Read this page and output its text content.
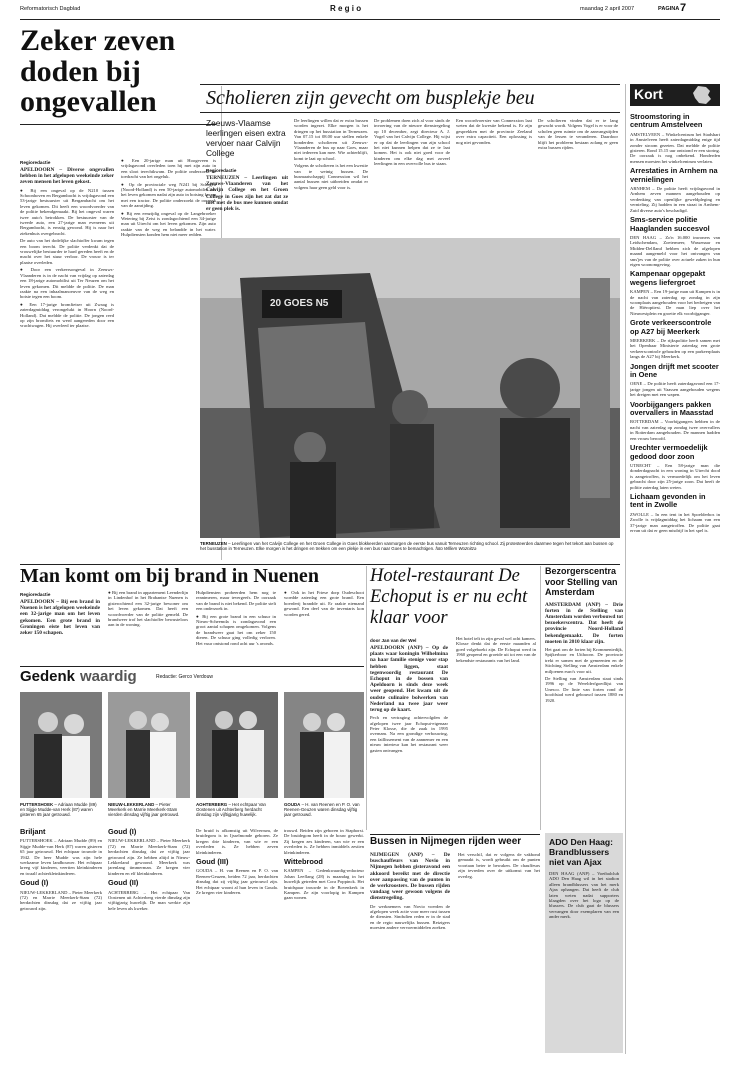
Reformatorisch Dagblad	R e g i o	maandag 2 april 2007	PAGINA 7
Zeker zeven doden bij ongevallen
Regioredactie

APELDOORN – Diverse ongevallen hebben in het afgelopen weekeinde zeker zeven mensen het leven gekost.

● Bij een ongeval op de N210 tussen Schoonhoven en Bergambacht is vrijdagavond een 53-jarige bestuurster uit Bergambacht om het leven gekomen. Dit heeft een woordvoerder van de politie bekendgemaakt. Bij het ongeval waren twee auto's betrokken. De bestuurster van de tweede auto, een 27-jarige man eveneens uit Bergambacht, is ernstig gewond. Hij is naar het ziekenhuis overgebracht.

De auto van het dodelijke slachtoffer kwam tegen een boom terecht. De politie verdenkt dat de vrouwelijke bestuurder te hard gereden heeft en de macht over het stuur verloor. De vrouw is ter plaatse overleden.

● Door een verkeersongeval in Zeeuws-Vlaanderen is in de nacht van vrijdag op zaterdag een 18-jarige automobilist uit Ter Neuzen om het leven gekomen. Dit meldde de politie. De man raakte na een inhaalmanoeuvre van de weg en botste tegen een boom.

● Een 17-jarige bromfietser uit Zwaag is zaterdagmiddag verongelukt in Hoorn (Noord-Holland). Dat meldde de politie. De jongen reed op zijn bromfiets en werd aangereden door een vrachtwagen. Hij overleed ter plaatse.

● Een 20-jarige man uit Hoogeveen is vrijdagavond overleden toen hij met zijn auto in een sloot terechtkwam. De politie onderzoekt de toedracht van het ongeluk.

● Op de provinciale weg N241 bij Schagen (Noord-Holland) is een 50-jarige automobilist om het leven gekomen nadat zijn auto in botsing kwam met een tractor. De politie onderzoekt de oorzaak van de aanrijding.

● Bij een eenzijdig ongeval op de Langebroeker Wetering bij Zeist is zondagochtend een 34-jarige man uit Utrecht om het leven gekomen. Zijn auto raakte van de weg en belandde in het water. Hulpdiensten konden hem niet meer redden.

Scholieren zijn gevecht om busplekje beu
Zeeuws-Vlaamse leerlingen eisen extra vervoer naar Calvijn College
Regioredactie

TERNEUZEN – Leerlingen uit Zeeuws-Vlaanderen van het Calvijn College en het Groen College in Goes zijn het zat dat ze niet met de bus mee kunnen omdat er geen plek is.

De leerlingen willen dat er extra bussen worden ingezet. Elke morgen is het dringen op het busstation in Terneuzen. Van 07.15 tot 08.00 uur stellen enkele honderden scholieren uit Zeeuws-Vlaanderen de bus op naar Goes, maar niet iedereen kan mee. Wie achterblijft, komt te laat op school.

Volgens de scholieren is het een kwestie van te weinig bussen. De busmaatschappij Connexxion wil het aantal bussen niet uitbreiden omdat er volgens haar geen geld voor is.

De problemen doen zich al voor sinds de invoering van de nieuwe dienstregeling op 10 december, zegt directeur A. J. Vogel van het Calvijn College. Hij wijst er op dat de leerlingen van zijn school het niet kunnen helpen dat ze te laat komen. Het is ook niet goed voor de kinderen om elke dag met zoveel leerlingen in een overvolle bus te staan.

Een woordvoerster van Connexxion laat weten dat de kwestie bekend is. Er zijn gesprekken met de provincie Zeeland over extra capaciteit. Een oplossing is nog niet gevonden.

De scholieren vinden dat er te lang gewacht wordt. Volgens Vogel is er voor de scholen geen ruimte om de aanvangstijden van de lessen te veranderen. Daardoor blijft het probleem bestaan zolang er geen extra bussen rijden.

20 GOES N5
TERNEUZEN – Leerlingen van het Calvijn College en het Groen College in Goes blokkeerden vanmorgen de eerste bus vanuit Terneuzen richting school. Zij protesteerden daarmee tegen het tekort aan bussen op het busstation in Terneuzen. Elke morgen is het dringen en trekken om een plekje in een bus naar Goes te bemachtigen. foto Willem Woznitza
Kort
Stroomstoring in centrum Amstelveen

AMSTELVEEN – Winkelcentrum het Stadshart in Amstelveen heeft zaterdagmiddag enige tijd zonder stroom gezeten. Dat meldde de politie gisteren. Rond 15.15 uur ontstond er een storing. De oorzaak is nog onbekend. Honderden mensen moesten het winkelcentrum verlaten.

Arrestaties in Arnhem na vernielingen

ARNHEM – De politie heeft vrijdagavond in Arnhem zeven mannen aangehouden op verdenking van openlijke geweldpleging en vernieling. Zij hadden in een straat in Arnhem-Zuid diverse auto's beschadigd.

Sms-service politie Haaglanden succesvol

DEN HAAG – Zo'n 16.000 inwoners van Leidschendam, Zoetermeer, Wassenaar en Midden-Delfland hebben zich de afgelopen maand aangemeld voor het ontvangen van sms'jes van de politie over actuele zaken in hun eigen woonomgeving.

Kampenaar opgepakt wegens liefergroet

KAMPEN – Een 19-jarige man uit Kampen is in de nacht van zaterdag op zondag in zijn woonplaats aangehouden voor het bedreigen van de Hiëroptiest. De man liep over het Nieuwestplein en groette elk voorbijganger.

Grote verkeerscontrole op A27 bij Meerkerk

MEERKERK – De rijkspolitie heeft samen met het Openbaar Ministerie zaterdag een grote verkeerscontrole gehouden op een parkeerplaats langs de A27 bij Meerkerk.

Jongen drijft met scooter in Oene

OENE – De politie heeft zaterdagavond een 17-jarige jongen uit Vaassen aangehouden wegens het dreigen met een wapen.

Voorbijgangers pakken overvallers in Maasstad

ROTTERDAM – Voorbijgangers hebben in de nacht van zaterdag op zondag twee overvallers in Rotterdam aangehouden. De mannen hadden een vrouw beroofd.

Urechter vermoedelijk gedood door zoon

UTRECHT – Een 58-jarige man die donderdagnacht in een woning in Utrecht dood is aangetroffen, is vermoedelijk om het leven gebracht door zijn 25-jarige zoon. Dat heeft de politie zaterdag laten weten.

Lichaam gevonden in tent in Zwolle

ZWOLLE – In een tent in het Spoelderbos in Zwolle is vrijdagmiddag het lichaam van een 37-jarige man aangetroffen. De politie gaat ervan uit dat er geen misdrijf in het spel is.

Man komt om bij brand in Nuenen
Regioredactie

APELDOORN – Bij een brand in Nuenen is het afgelopen weekeinde een 32-jarige man om het leven gekomen. Een grote brand in Groningen eiste het leven van zeker 150 schapen.

● Bij een brand in appartement Leenderlijn in Lindenhof in het Brabantse Nuenen is gisterochtend een 32-jarige bewoner om het leven gekomen. Dat heeft een woordvoerder van de politie gemeld. De brandweer trof het slachtoffer bewusteloos aan in de woning.

Hulpdiensten probeerden hem nog te reanimeren, maar tevergeefs. De oorzaak van de brand is niet bekend. De politie stelt een onderzoek in.

● Bij een grote brand in een schuur in Nieuw-Scheemda is zondagavond een groot aantal schapen omgekomen. Volgens de brandweer gaat het om zeker 150 dieren. De schuur ging volledig verloren. Het vuur ontstond rond acht uur 's avonds.

● Ook in het Friese dorp Oudeschoot woedde zaterdag een grote brand. Een boerderij brandde uit. Er raakte niemand gewond. Een deel van de inventaris kon worden gered.

Hotel-restaurant De Echoput is er nu echt klaar voor
door Jan van der Wel

APELDOORN (ANP) – Op de plaats waar koningin Wilhelmina na haar familie stenige voor stap hebben liggen, staat tegenwoordig restaurant De Echoput in de bossen van Apeldoorn is sinds deze week weer geopend. Het kwam uit de oudste culinaire bolwerken van Nederland na twee jaar weer terug op de kaart.

Pech en vertraging achtervolgden de afgelopen twee jaar Echoput-eigenaar Peter Klosse, die de zaak in 1995 overnam. Na een grondige verbouwing, een faillissement van de aannemer en een nieuw interieur kan het restaurant weer gasten ontvangen.

Het hotel telt in zijn geval wel acht kamers. Klosse denkt dat de eerste maanden al goed volgeboekt zijn. De Echoput werd in 1960 geopend en groeide uit tot een van de bekendste restaurants van het land.

Bezorgerscentra voor Stelling van Amsterdam

AMSTERDAM (ANP) – Drie forten in de Stelling van Amsterdam worden verbouwd tot bezoekerscentra. Dat heeft de provincie Noord-Holland bekendgemaakt. De forten moeten in 2010 klaar zijn.

Het gaat om de forten bij Krommeniedijk, Spijkerboor en Uithoorn. De provincie trekt er samen met de gemeenten en de Stichting Stelling van Amsterdam enkele miljoenen euro's voor uit.

De Stelling van Amsterdam staat sinds 1996 op de Werelderfgoedlijst van Unesco. De linie van forten rond de hoofdstad werd gebouwd tussen 1880 en 1920.

ADO Den Haag: Brandblussers niet van Ajax

DEN HAAG (ANP) – Voetbalclub ADO Den Haag wil in het stadion alleen brandblussers van het merk Ajax ophangen. Dat heeft de club laten weten nadat supporters klaagden over het logo op de blussers. De club gaat de blussers vervangen door exemplaren van een ander merk.

Bussen in Nijmegen rijden weer

NIJMEGEN (ANP) – De buschauffeurs van Novio in Nijmegen hebben gisteravond een akkoord bereikt met de directie over aanpassing van de punten in de werkroosters. De bussen rijden vandaag weer gewoon volgens de dienstregeling.

De werknemers van Novio voerden de afgelopen week actie voor meer rust tussen de diensten. Sindsdien reden er in de stad en de regio nauwelijks bussen. Reizigers moesten andere vervoermiddelen zoeken.

Het verschil, dat er volgens de vakbond gemaakt is, wordt gebruikt om de punten voortaan beter te bewaken. De chauffeurs zijn tevreden over de uitkomst van het overleg.

Gedenk waardig	Redactie: Gerco Verdouw
PUTTERSHOEK – Adriaan Mudde (89) en Sijgje Mudde-van Herk (87) waren gisteren 65 jaar getrouwd.
NIEUW-LEKKERLAND – Pieter Meerkerk en Marrie Meerkerk-Stam vierden dinsdag vijftig jaar getrouwd.
AOHTERBERG – Het echtpaar Van Oostenen uit Achterberg herdacht dinsdag zijn vijftigjarig huwelijk.
GOUDA – H. van Reenen en P. O. van Reenen-Geuzen waren dinsdag vijftig jaar getrouwd.
Briljant

PUTTERSHOEK – Adriaan Mudde (89) en Sijgje Mudde-van Herk (87) waren gisteren 65 jaar getrouwd. Het echtpaar trouwde in 1942. De heer Mudde was zijn hele werkzame leven landbouwer. Het echtpaar kreeg vijf kinderen, veertien kleinkinderen en twaalf achterkleinkinderen.

Goud (I)

NIEUW-LEKKERLAND – Pieter Meerkerk (72) en Marrie Meerkerk-Stam (72) herdachten dinsdag dat ze vijftig jaar getrouwd zijn.

Goud (I)

NIEUW-LEKKERLAND – Pieter Meerkerk (72) en Marrie Meerkerk-Stam (72) herdachten dinsdag dat ze vijftig jaar getrouwd zijn. Ze hebben altijd in Nieuw-Lekkerland gewoond. Meerkerk was jarenlang timmerman. Ze kregen vier kinderen en elf kleinkinderen.

Goud (II)

ACHTERBERG – Het echtpaar Van Oostenen uit Achterberg vierde dinsdag zijn vijftigjarig huwelijk. De man werkte zijn hele leven als kweker.

De bruid is afkomstig uit Wilverrum, de bruidegom is in Ijsselmonde geboren. Ze kregen drie kinderen, van wie er een overleden is. Ze hebben zeven kleinkinderen.

Goud (III)

GOUDA – H. van Reenen en P. O. van Reenen-Geuzen, beiden 72 jaar, herdachten dinsdag dat zij vijftig jaar getrouwd zijn. Het echtpaar woont al hun leven in Gouda. Ze kregen vier kinderen.

trouwd. Beiden zijn geboren in Staphorst. De bruidegom heeft in de bouw gewerkt. Zij kregen zes kinderen, van wie er een overleden is. Ze hebben inmiddels zestien kleinkinderen.

Wittebrood

KAMPEN – Gedenkwaardig-redacteur Johan Leeflang (28) is maandag in het huwelijk getreden met Cora Poppinck. Het bruidspaar trouwde in de Bovenkerk in Kampen. Ze zijn voorlopig in Kampen gaan wonen.
